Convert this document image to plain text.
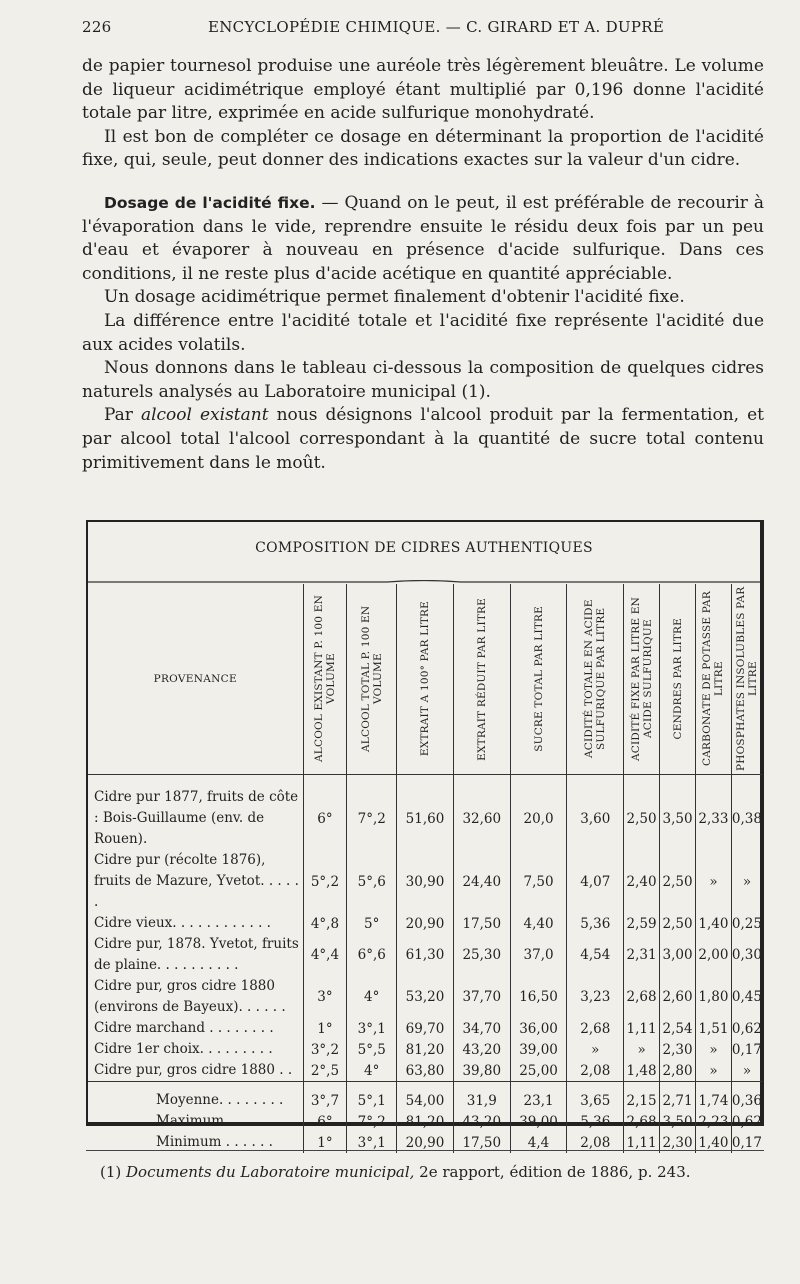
226	ENCYCLOPÉDIE CHIMIQUE. — C. GIRARD ET A. DUPRÉ

de papier tournesol produise une auréole très légèrement bleuâtre. Le volume de liqueur acidimétrique employé étant multiplié par 0,196 donne l'acidité totale par litre, exprimée en acide sulfurique monohydraté.

Il est bon de compléter ce dosage en déterminant la proportion de l'acidité fixe, qui, seule, peut donner des indications exactes sur la valeur d'un cidre.

Dosage de l'acidité fixe. — Quand on le peut, il est préférable de recourir à l'évaporation dans le vide, reprendre ensuite le résidu deux fois par un peu d'eau et évaporer à nouveau en présence d'acide sulfurique. Dans ces conditions, il ne reste plus d'acide acétique en quantité appréciable.

Un dosage acidimétrique permet finalement d'obtenir l'acidité fixe.

La différence entre l'acidité totale et l'acidité fixe représente l'acidité due aux acides volatils.

Nous donnons dans le tableau ci-dessous la composition de quelques cidres naturels analysés au Laboratoire municipal (1).

Par alcool existant nous désignons l'alcool produit par la fermentation, et par alcool total l'alcool correspondant à la quantité de sucre total contenu primitivement dans le moût.

COMPOSITION DE CIDRES AUTHENTIQUES
PROVENANCE	ALCOOL EXISTANT P. 100 EN VOLUME	ALCOOL TOTAL P. 100 EN VOLUME	EXTRAIT A 100° PAR LITRE	EXTRAIT RÉDUIT PAR LITRE	SUCRE TOTAL PAR LITRE	ACIDITÉ TOTALE EN ACIDE SULFURIQUE PAR LITRE	ACIDITÉ FIXE PAR LITRE EN ACIDE SULFURIQUE	CENDRES PAR LITRE	CARBONATE DE POTASSE PAR LITRE	PHOSPHATES INSOLUBLES PAR LITRE

Cidre pur 1877, fruits de côte : Bois-Guillaume (env. de Rouen).	6°	7°,2	51,60	32,60	20,0	3,60	2,50	3,50	2,33	0,38
Cidre pur (récolte 1876), fruits de Mazure, Yvetot. . . . . .	5°,2	5°,6	30,90	24,40	7,50	4,07	2,40	2,50	»	»
Cidre vieux. . . . . . . . . . . .	4°,8	5°	20,90	17,50	4,40	5,36	2,59	2,50	1,40	0,25
Cidre pur, 1878. Yvetot, fruits de plaine. . . . . . . . . .	4°,4	6°,6	61,30	25,30	37,0	4,54	2,31	3,00	2,00	0,30
Cidre pur, gros cidre 1880 (environs de Bayeux). . . . . .	3°	4°	53,20	37,70	16,50	3,23	2,68	2,60	1,80	0,45
Cidre marchand . . . . . . . .	1°	3°,1	69,70	34,70	36,00	2,68	1,11	2,54	1,51	0,62
Cidre 1er choix. . . . . . . . .	3°,2	5°,5	81,20	43,20	39,00	»	»	2,30	»	0,17
Cidre pur, gros cidre 1880 . .	2°,5	4°	63,80	39,80	25,00	2,08	1,48	2,80	»	»
Moyenne. . . . . . . .	3°,7	5°,1	54,00	31,9	23,1	3,65	2,15	2,71	1,74	0,36
Maximum. . . . . .	6°	7°,2	81,20	43,20	39,00	5,36	2,68	3,50	2,23	0,62
Minimum . . . . . .	1°	3°,1	20,90	17,50	4,4	2,08	1,11	2,30	1,40	0,17
(1) Documents du Laboratoire municipal, 2e rapport, édition de 1886, p. 243.
